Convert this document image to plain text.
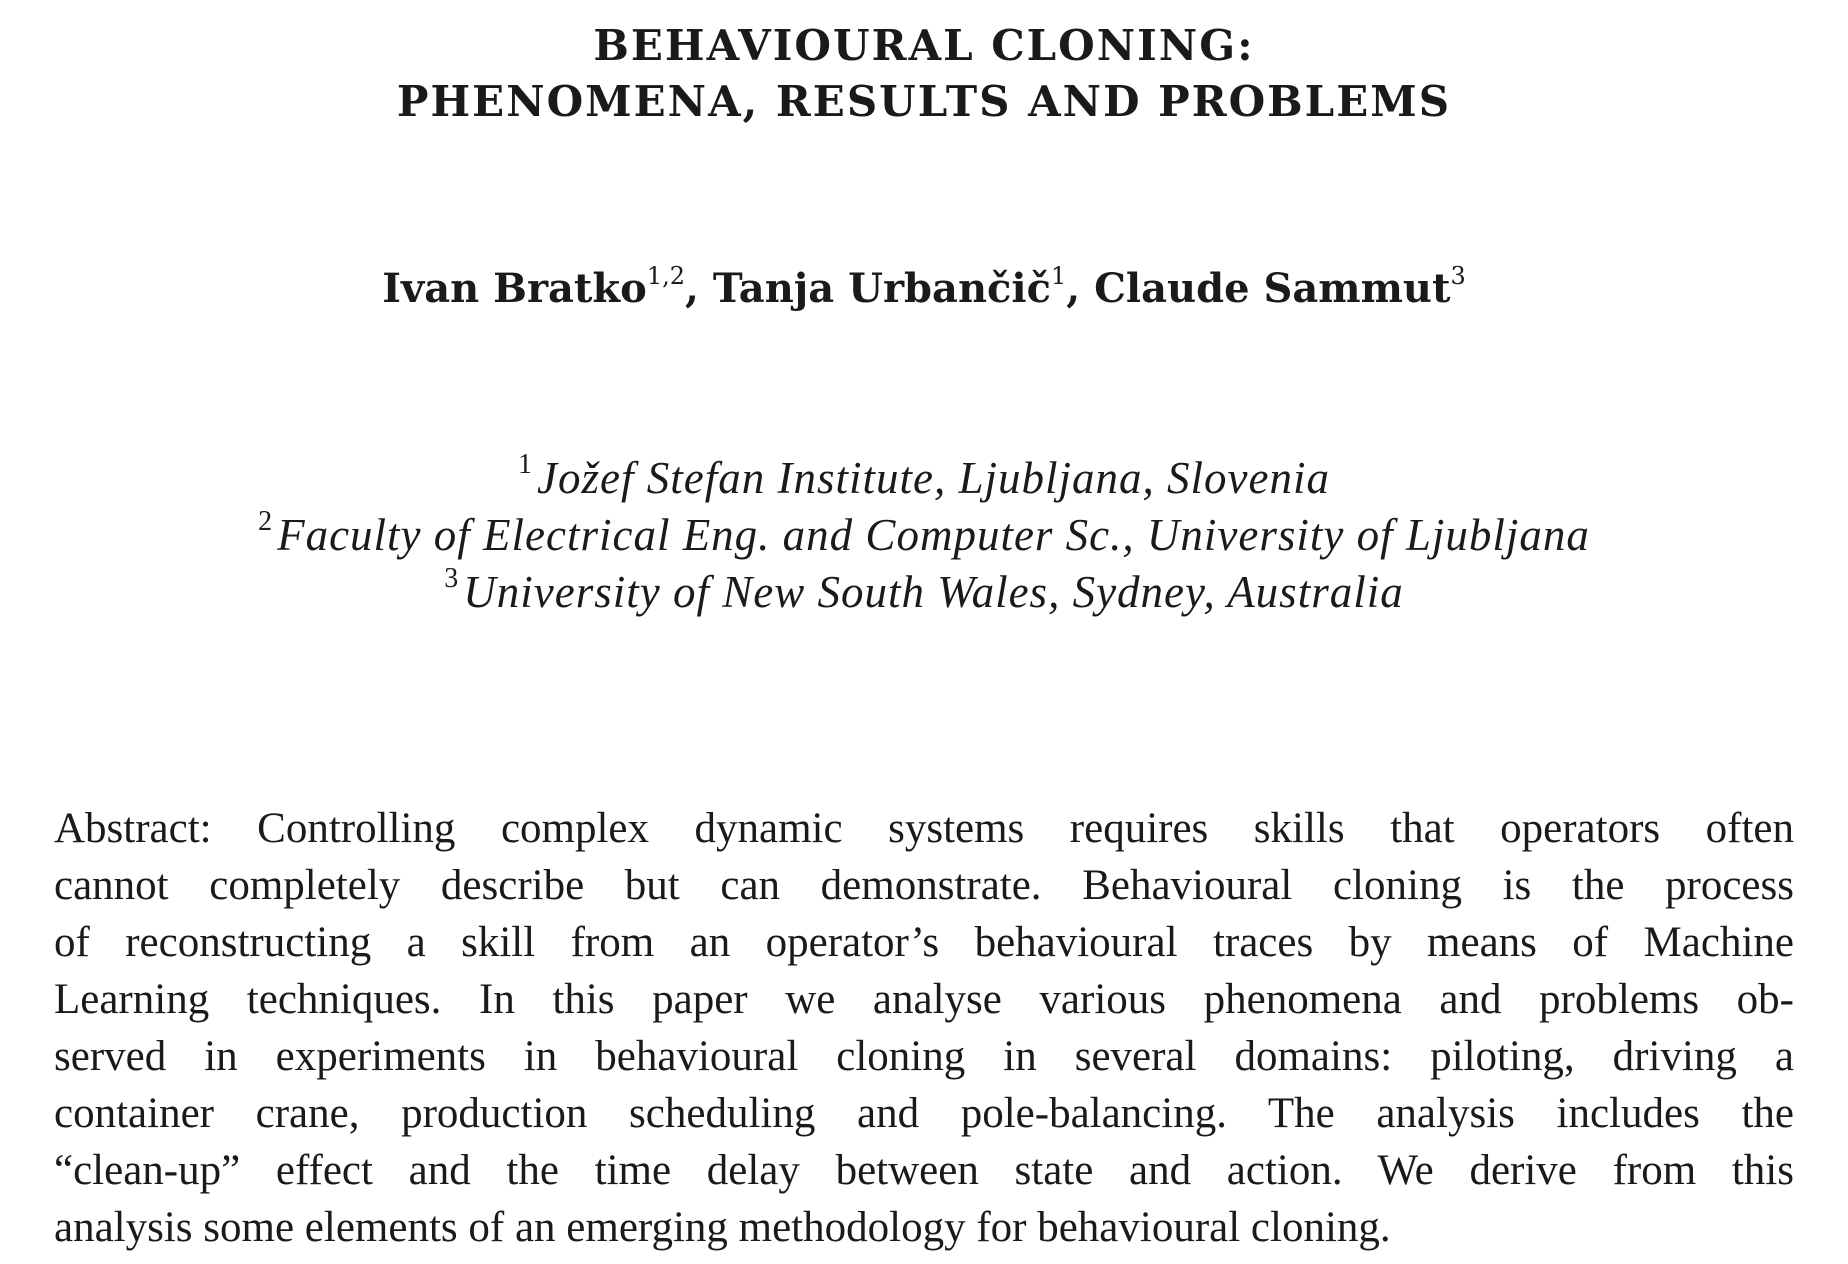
BEHAVIOURAL CLONING:
PHENOMENA, RESULTS AND PROBLEMS
Ivan Bratko$^{1,2}$, Tanja Urbančič$^1$, Claude Sammut$^3$
$^1$Jožef Stefan Institute, Ljubljana, Slovenia
$^2$Faculty of Electrical Eng. and Computer Sc., University of Ljubljana
$^3$University of New South Wales, Sydney, Australia
Abstract: Controlling complex dynamic systems requires skills that operators often
cannot completely describe but can demonstrate. Behavioural cloning is the process
of reconstructing a skill from an operator’s behavioural traces by means of Machine
Learning techniques. In this paper we analyse various phenomena and problems ob-
served in experiments in behavioural cloning in several domains: piloting, driving a
container crane, production scheduling and pole-balancing. The analysis includes the
“clean-up” effect and the time delay between state and action. We derive from this
analysis some elements of an emerging methodology for behavioural cloning.
